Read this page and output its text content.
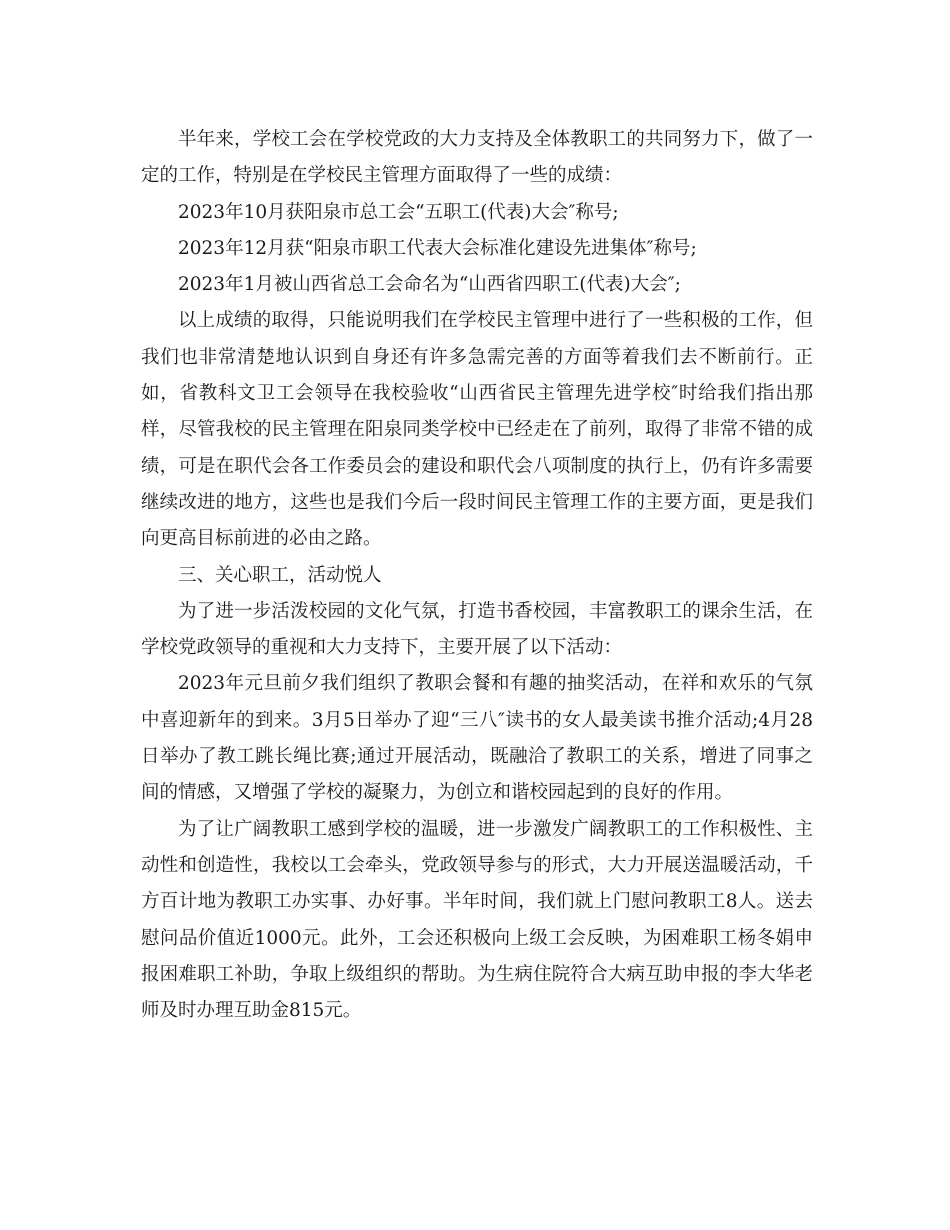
半年来，学校工会在学校党政的大力支持及全体教职工的共同努力下，做了一定的工作，特别是在学校民主管理方面取得了一些的成绩：

2023年10月获阳泉市总工会“五职工(代表)大会″称号;

2023年12月获“阳泉市职工代表大会标准化建设先进集体″称号;

2023年1月被山西省总工会命名为“山西省四职工(代表)大会″;

以上成绩的取得，只能说明我们在学校民主管理中进行了一些积极的工作，但我们也非常清楚地认识到自身还有许多急需完善的方面等着我们去不断前行。正如，省教科文卫工会领导在我校验收“山西省民主管理先进学校″时给我们指出那样，尽管我校的民主管理在阳泉同类学校中已经走在了前列，取得了非常不错的成绩，可是在职代会各工作委员会的建设和职代会八项制度的执行上，仍有许多需要继续改进的地方，这些也是我们今后一段时间民主管理工作的主要方面，更是我们向更高目标前进的必由之路。

三、关心职工，活动悦人

为了进一步活泼校园的文化气氛，打造书香校园，丰富教职工的课余生活，在学校党政领导的重视和大力支持下，主要开展了以下活动：

2023年元旦前夕我们组织了教职会餐和有趣的抽奖活动，在祥和欢乐的气氛中喜迎新年的到来。3月5日举办了迎“三八″读书的女人最美读书推介活动;4月28日举办了教工跳长绳比赛;通过开展活动，既融洽了教职工的关系，增进了同事之间的情感，又增强了学校的凝聚力，为创立和谐校园起到的良好的作用。

为了让广阔教职工感到学校的温暖，进一步激发广阔教职工的工作积极性、主动性和创造性，我校以工会牵头，党政领导参与的形式，大力开展送温暖活动，千方百计地为教职工办实事、办好事。半年时间，我们就上门慰问教职工8人。送去慰问品价值近1000元。此外，工会还积极向上级工会反映，为困难职工杨冬娟申报困难职工补助，争取上级组织的帮助。为生病住院符合大病互助申报的李大华老师及时办理互助金815元。
